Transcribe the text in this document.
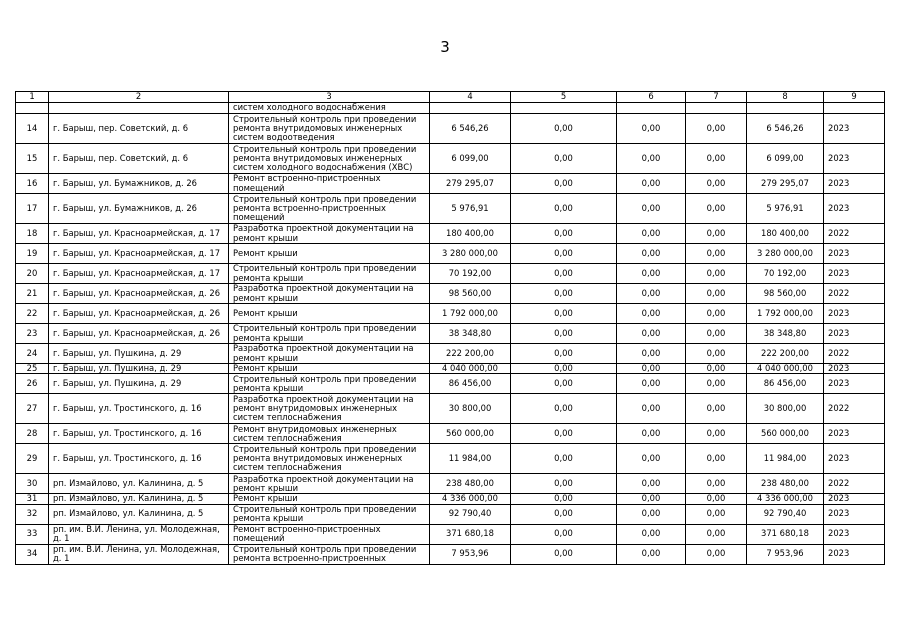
3
1	2	3	4	5	6	7	8	9
		систем холодного водоснабжения						
14	г. Барыш, пер. Советский, д. 6	Строительный контроль при проведении ремонта внутридомовых инженерных систем водоотведения	6 546,26	0,00	0,00	0,00	6 546,26	2023
15	г. Барыш, пер. Советский, д. 6	Строительный контроль при проведении ремонта внутридомовых инженерных систем холодного водоснабжения (ХВС)	6 099,00	0,00	0,00	0,00	6 099,00	2023
16	г. Барыш, ул. Бумажников, д. 26	Ремонт встроенно-пристроенных помещений	279 295,07	0,00	0,00	0,00	279 295,07	2023
17	г. Барыш, ул. Бумажников, д. 26	Строительный контроль при проведении ремонта встроенно-пристроенных помещений	5 976,91	0,00	0,00	0,00	5 976,91	2023
18	г. Барыш, ул. Красноармейская, д. 17	Разработка проектной документации на ремонт крыши	180 400,00	0,00	0,00	0,00	180 400,00	2022
19	г. Барыш, ул. Красноармейская, д. 17	Ремонт крыши	3 280 000,00	0,00	0,00	0,00	3 280 000,00	2023
20	г. Барыш, ул. Красноармейская, д. 17	Строительный контроль при проведении ремонта крыши	70 192,00	0,00	0,00	0,00	70 192,00	2023
21	г. Барыш, ул. Красноармейская, д. 26	Разработка проектной документации на ремонт крыши	98 560,00	0,00	0,00	0,00	98 560,00	2022
22	г. Барыш, ул. Красноармейская, д. 26	Ремонт крыши	1 792 000,00	0,00	0,00	0,00	1 792 000,00	2023
23	г. Барыш, ул. Красноармейская, д. 26	Строительный контроль при проведении ремонта крыши	38 348,80	0,00	0,00	0,00	38 348,80	2023
24	г. Барыш, ул. Пушкина, д. 29	Разработка проектной документации на ремонт крыши	222 200,00	0,00	0,00	0,00	222 200,00	2022
25	г. Барыш, ул. Пушкина, д. 29	Ремонт крыши	4 040 000,00	0,00	0,00	0,00	4 040 000,00	2023
26	г. Барыш, ул. Пушкина, д. 29	Строительный контроль при проведении ремонта крыши	86 456,00	0,00	0,00	0,00	86 456,00	2023
27	г. Барыш, ул. Тростинского, д. 16	Разработка проектной документации на ремонт внутридомовых инженерных систем теплоснабжения	30 800,00	0,00	0,00	0,00	30 800,00	2022
28	г. Барыш, ул. Тростинского, д. 16	Ремонт внутридомовых инженерных систем теплоснабжения	560 000,00	0,00	0,00	0,00	560 000,00	2023
29	г. Барыш, ул. Тростинского, д. 16	Строительный контроль при проведении ремонта внутридомовых инженерных систем теплоснабжения	11 984,00	0,00	0,00	0,00	11 984,00	2023
30	рп. Измайлово, ул. Калинина, д. 5	Разработка проектной документации на ремонт крыши	238 480,00	0,00	0,00	0,00	238 480,00	2022
31	рп. Измайлово, ул. Калинина, д. 5	Ремонт крыши	4 336 000,00	0,00	0,00	0,00	4 336 000,00	2023
32	рп. Измайлово, ул. Калинина, д. 5	Строительный контроль при проведении ремонта крыши	92 790,40	0,00	0,00	0,00	92 790,40	2023
33	рп. им. В.И. Ленина, ул. Молодежная, д. 1	Ремонт встроенно-пристроенных помещений	371 680,18	0,00	0,00	0,00	371 680,18	2023
34	рп. им. В.И. Ленина, ул. Молодежная, д. 1	Строительный контроль при проведении ремонта встроенно-пристроенных	7 953,96	0,00	0,00	0,00	7 953,96	2023
